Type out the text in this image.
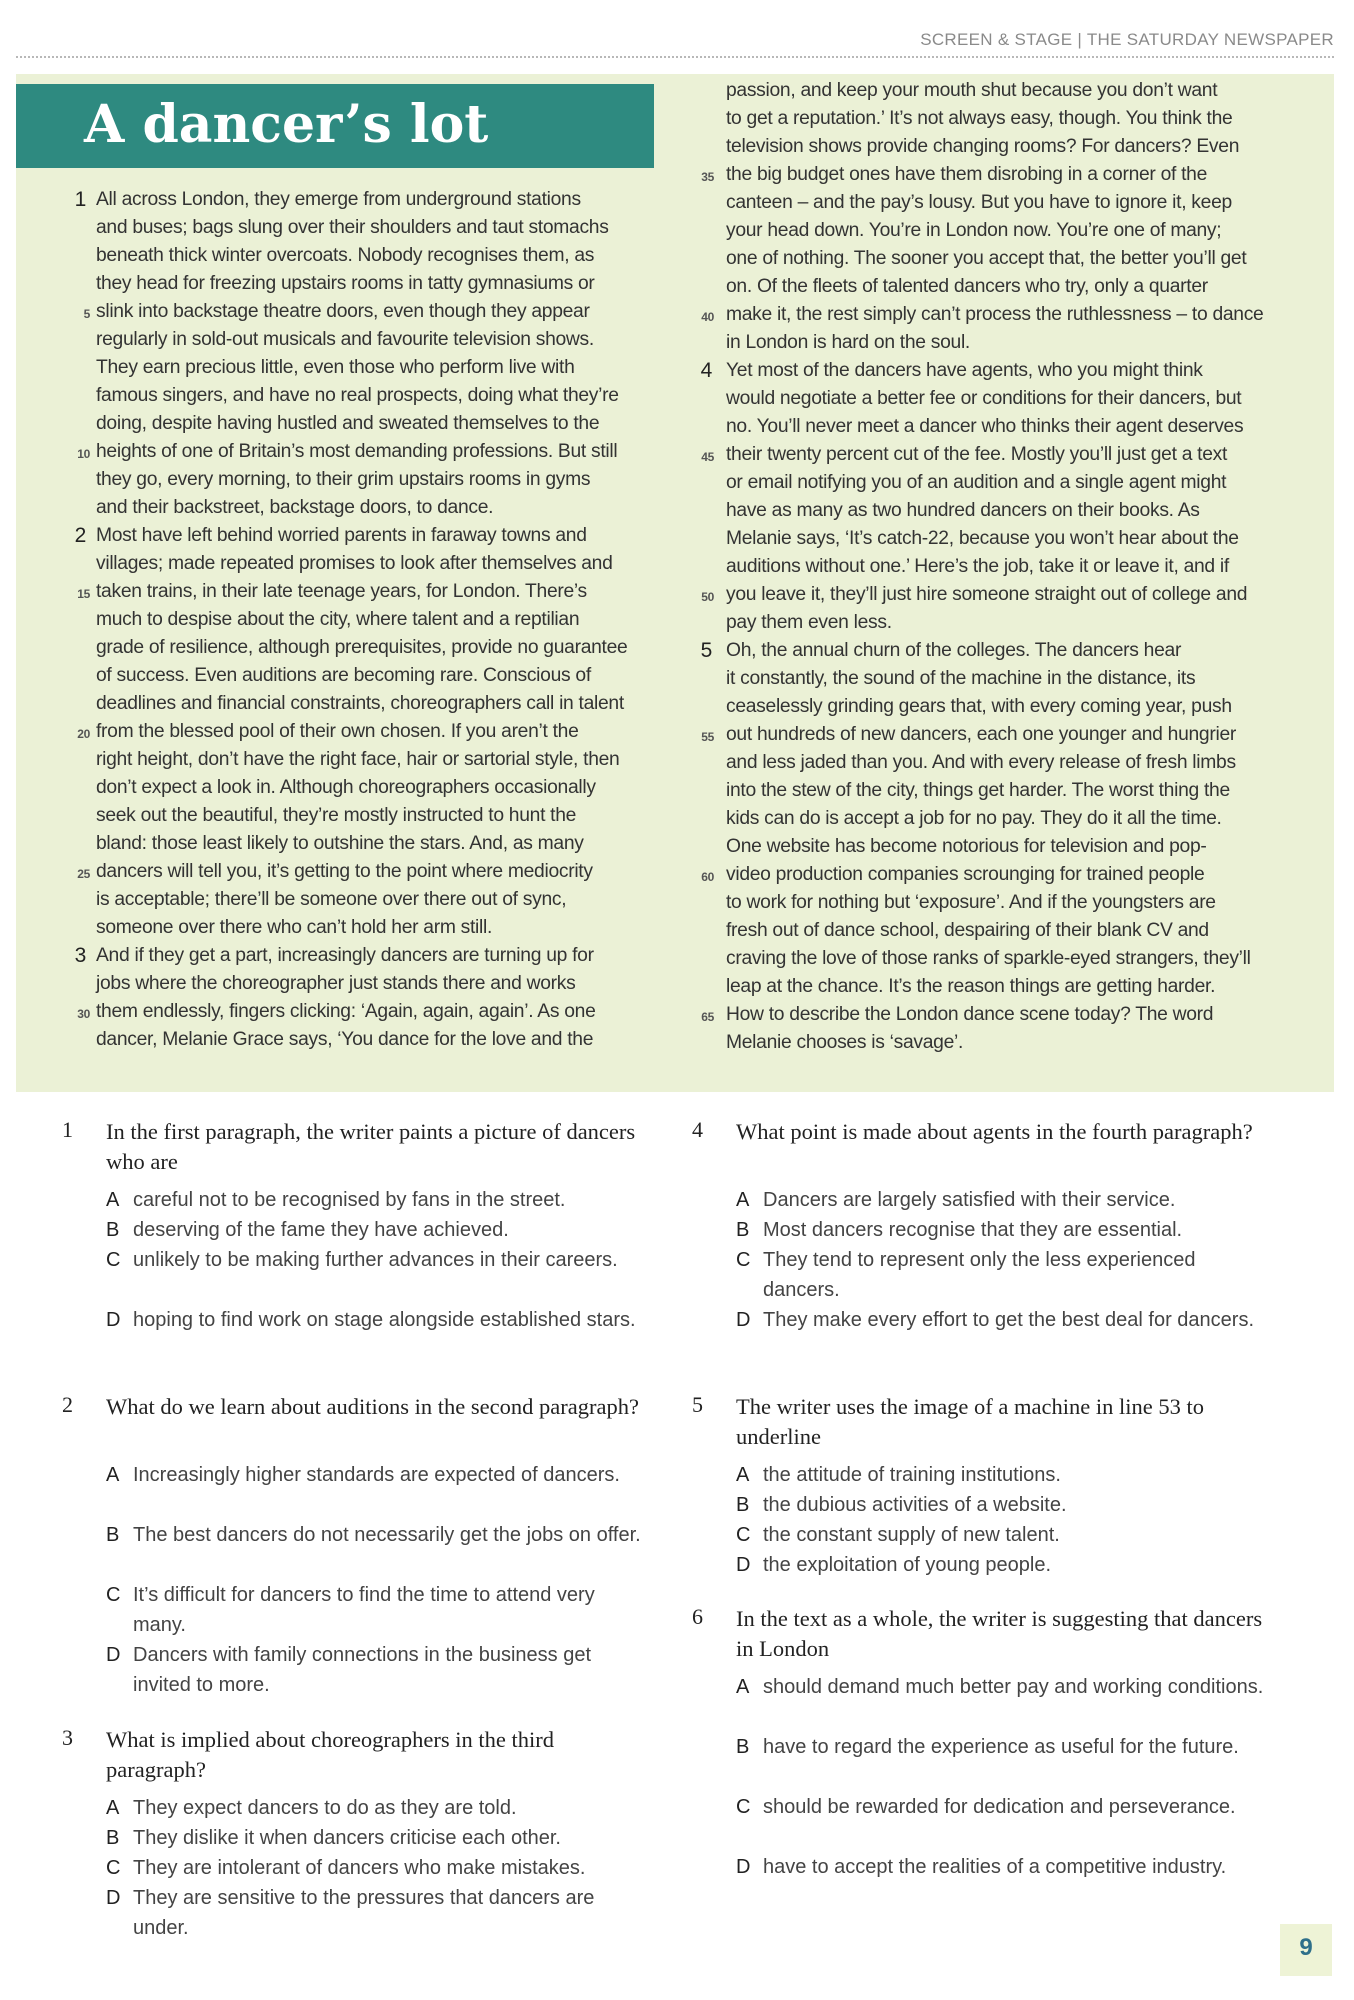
SCREEN & STAGE | THE SATURDAY NEWSPAPER
A dancer’s lot
1 All across London, they emerge from underground stations
and buses; bags slung over their shoulders and taut stomachs
beneath thick winter overcoats. Nobody recognises them, as
they head for freezing upstairs rooms in tatty gymnasiums or
5 slink into backstage theatre doors, even though they appear
regularly in sold-out musicals and favourite television shows.
They earn precious little, even those who perform live with
famous singers, and have no real prospects, doing what they’re
doing, despite having hustled and sweated themselves to the
10 heights of one of Britain’s most demanding professions. But still
they go, every morning, to their grim upstairs rooms in gyms
and their backstreet, backstage doors, to dance.
2 Most have left behind worried parents in faraway towns and
villages; made repeated promises to look after themselves and
15 taken trains, in their late teenage years, for London. There’s
much to despise about the city, where talent and a reptilian
grade of resilience, although prerequisites, provide no guarantee
of success. Even auditions are becoming rare. Conscious of
deadlines and financial constraints, choreographers call in talent
20 from the blessed pool of their own chosen. If you aren’t the
right height, don’t have the right face, hair or sartorial style, then
don’t expect a look in. Although choreographers occasionally
seek out the beautiful, they’re mostly instructed to hunt the
bland: those least likely to outshine the stars. And, as many
25 dancers will tell you, it’s getting to the point where mediocrity
is acceptable; there’ll be someone over there out of sync,
someone over there who can’t hold her arm still.
3 And if they get a part, increasingly dancers are turning up for
jobs where the choreographer just stands there and works
30 them endlessly, fingers clicking: ‘Again, again, again’. As one
dancer, Melanie Grace says, ‘You dance for the love and the
passion, and keep your mouth shut because you don’t want
to get a reputation.’ It’s not always easy, though. You think the
television shows provide changing rooms? For dancers? Even
35 the big budget ones have them disrobing in a corner of the
canteen – and the pay’s lousy. But you have to ignore it, keep
your head down. You’re in London now. You’re one of many;
one of nothing. The sooner you accept that, the better you’ll get
on. Of the fleets of talented dancers who try, only a quarter
40 make it, the rest simply can’t process the ruthlessness – to dance
in London is hard on the soul.
4 Yet most of the dancers have agents, who you might think
would negotiate a better fee or conditions for their dancers, but
no. You’ll never meet a dancer who thinks their agent deserves
45 their twenty percent cut of the fee. Mostly you’ll just get a text
or email notifying you of an audition and a single agent might
have as many as two hundred dancers on their books. As
Melanie says, ‘It’s catch-22, because you won’t hear about the
auditions without one.’ Here’s the job, take it or leave it, and if
50 you leave it, they’ll just hire someone straight out of college and
pay them even less.
5 Oh, the annual churn of the colleges. The dancers hear
it constantly, the sound of the machine in the distance, its
ceaselessly grinding gears that, with every coming year, push
55 out hundreds of new dancers, each one younger and hungrier
and less jaded than you. And with every release of fresh limbs
into the stew of the city, things get harder. The worst thing the
kids can do is accept a job for no pay. They do it all the time.
One website has become notorious for television and pop-
60 video production companies scrounging for trained people
to work for nothing but ‘exposure’. And if the youngsters are
fresh out of dance school, despairing of their blank CV and
craving the love of those ranks of sparkle-eyed strangers, they’ll
leap at the chance. It’s the reason things are getting harder.
65 How to describe the London dance scene today? The word
Melanie chooses is ‘savage’.
1 In the first paragraph, the writer paints a picture of dancers who are
A careful not to be recognised by fans in the street.
B deserving of the fame they have achieved.
C unlikely to be making further advances in their careers.
D hoping to find work on stage alongside established stars.
2 What do we learn about auditions in the second paragraph?
A Increasingly higher standards are expected of dancers.
B The best dancers do not necessarily get the jobs on offer.
C It’s difficult for dancers to find the time to attend very many.
D Dancers with family connections in the business get invited to more.
3 What is implied about choreographers in the third paragraph?
A They expect dancers to do as they are told.
B They dislike it when dancers criticise each other.
C They are intolerant of dancers who make mistakes.
D They are sensitive to the pressures that dancers are under.
4 What point is made about agents in the fourth paragraph?
A Dancers are largely satisfied with their service.
B Most dancers recognise that they are essential.
C They tend to represent only the less experienced dancers.
D They make every effort to get the best deal for dancers.
5 The writer uses the image of a machine in line 53 to underline
A the attitude of training institutions.
B the dubious activities of a website.
C the constant supply of new talent.
D the exploitation of young people.
6 In the text as a whole, the writer is suggesting that dancers in London
A should demand much better pay and working conditions.
B have to regard the experience as useful for the future.
C should be rewarded for dedication and perseverance.
D have to accept the realities of a competitive industry.
9
